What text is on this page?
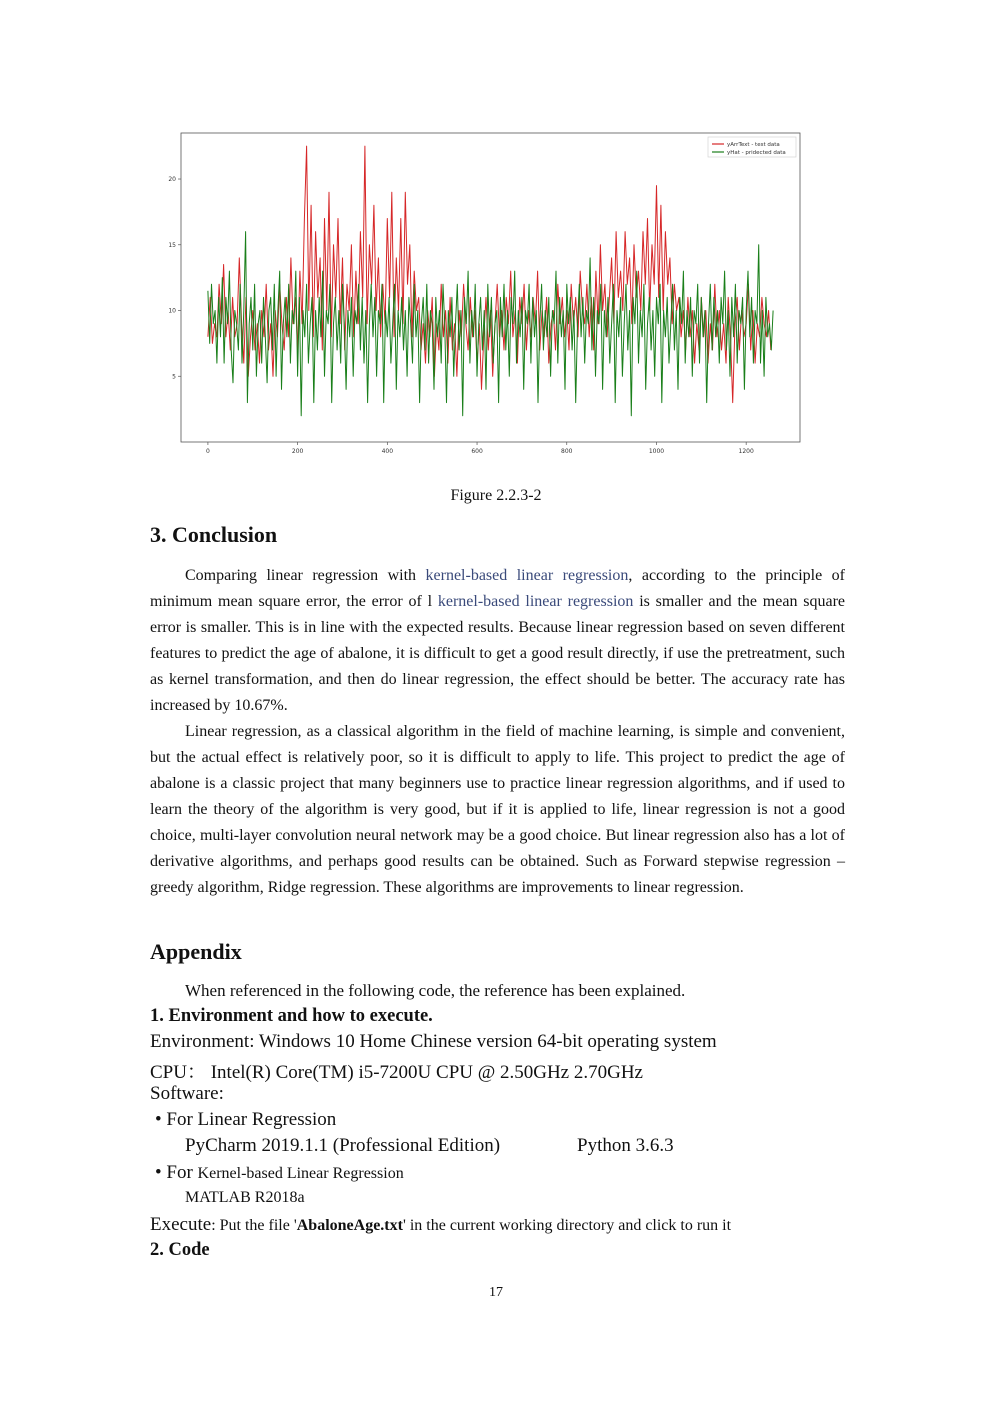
0	200	400	600	800	1000	1200
5
10
15
20
yArrText - test data
yHat - pridected data
Figure 2.2.3-2
3. Conclusion

Comparing linear regression with kernel-based linear regression, according to the principle of minimum mean square error, the error of l kernel-based linear regression is smaller and the mean square error is smaller. This is in line with the expected results. Because linear regression based on seven different features to predict the age of abalone, it is difficult to get a good result directly, if use the pretreatment, such as kernel transformation, and then do linear regression, the effect should be better. The accuracy rate has increased by 10.67%.

Linear regression, as a classical algorithm in the field of machine learning, is simple and convenient, but the actual effect is relatively poor, so it is difficult to apply to life. This project to predict the age of abalone is a classic project that many beginners use to practice linear regression algorithms, and if used to learn the theory of the algorithm is very good, but if it is applied to life, linear regression is not a good choice, multi-layer convolution neural network may be a good choice. But linear regression also has a lot of derivative algorithms, and perhaps good results can be obtained. Such as Forward stepwise regression – greedy algorithm, Ridge regression. These algorithms are improvements to linear regression.

Appendix
When referenced in the following code, the reference has been explained.
1. Environment and how to execute.
Environment: Windows 10 Home Chinese version 64-bit operating system
CPU： Intel(R) Core(TM) i5-7200U CPU @ 2.50GHz 2.70GHz
Software:
• For Linear Regression
PyCharm 2019.1.1 (Professional Edition)	Python 3.6.3
• For Kernel-based Linear Regression
MATLAB R2018a
Execute: Put the file 'AbaloneAge.txt' in the current working directory and click to run it
2. Code
17
